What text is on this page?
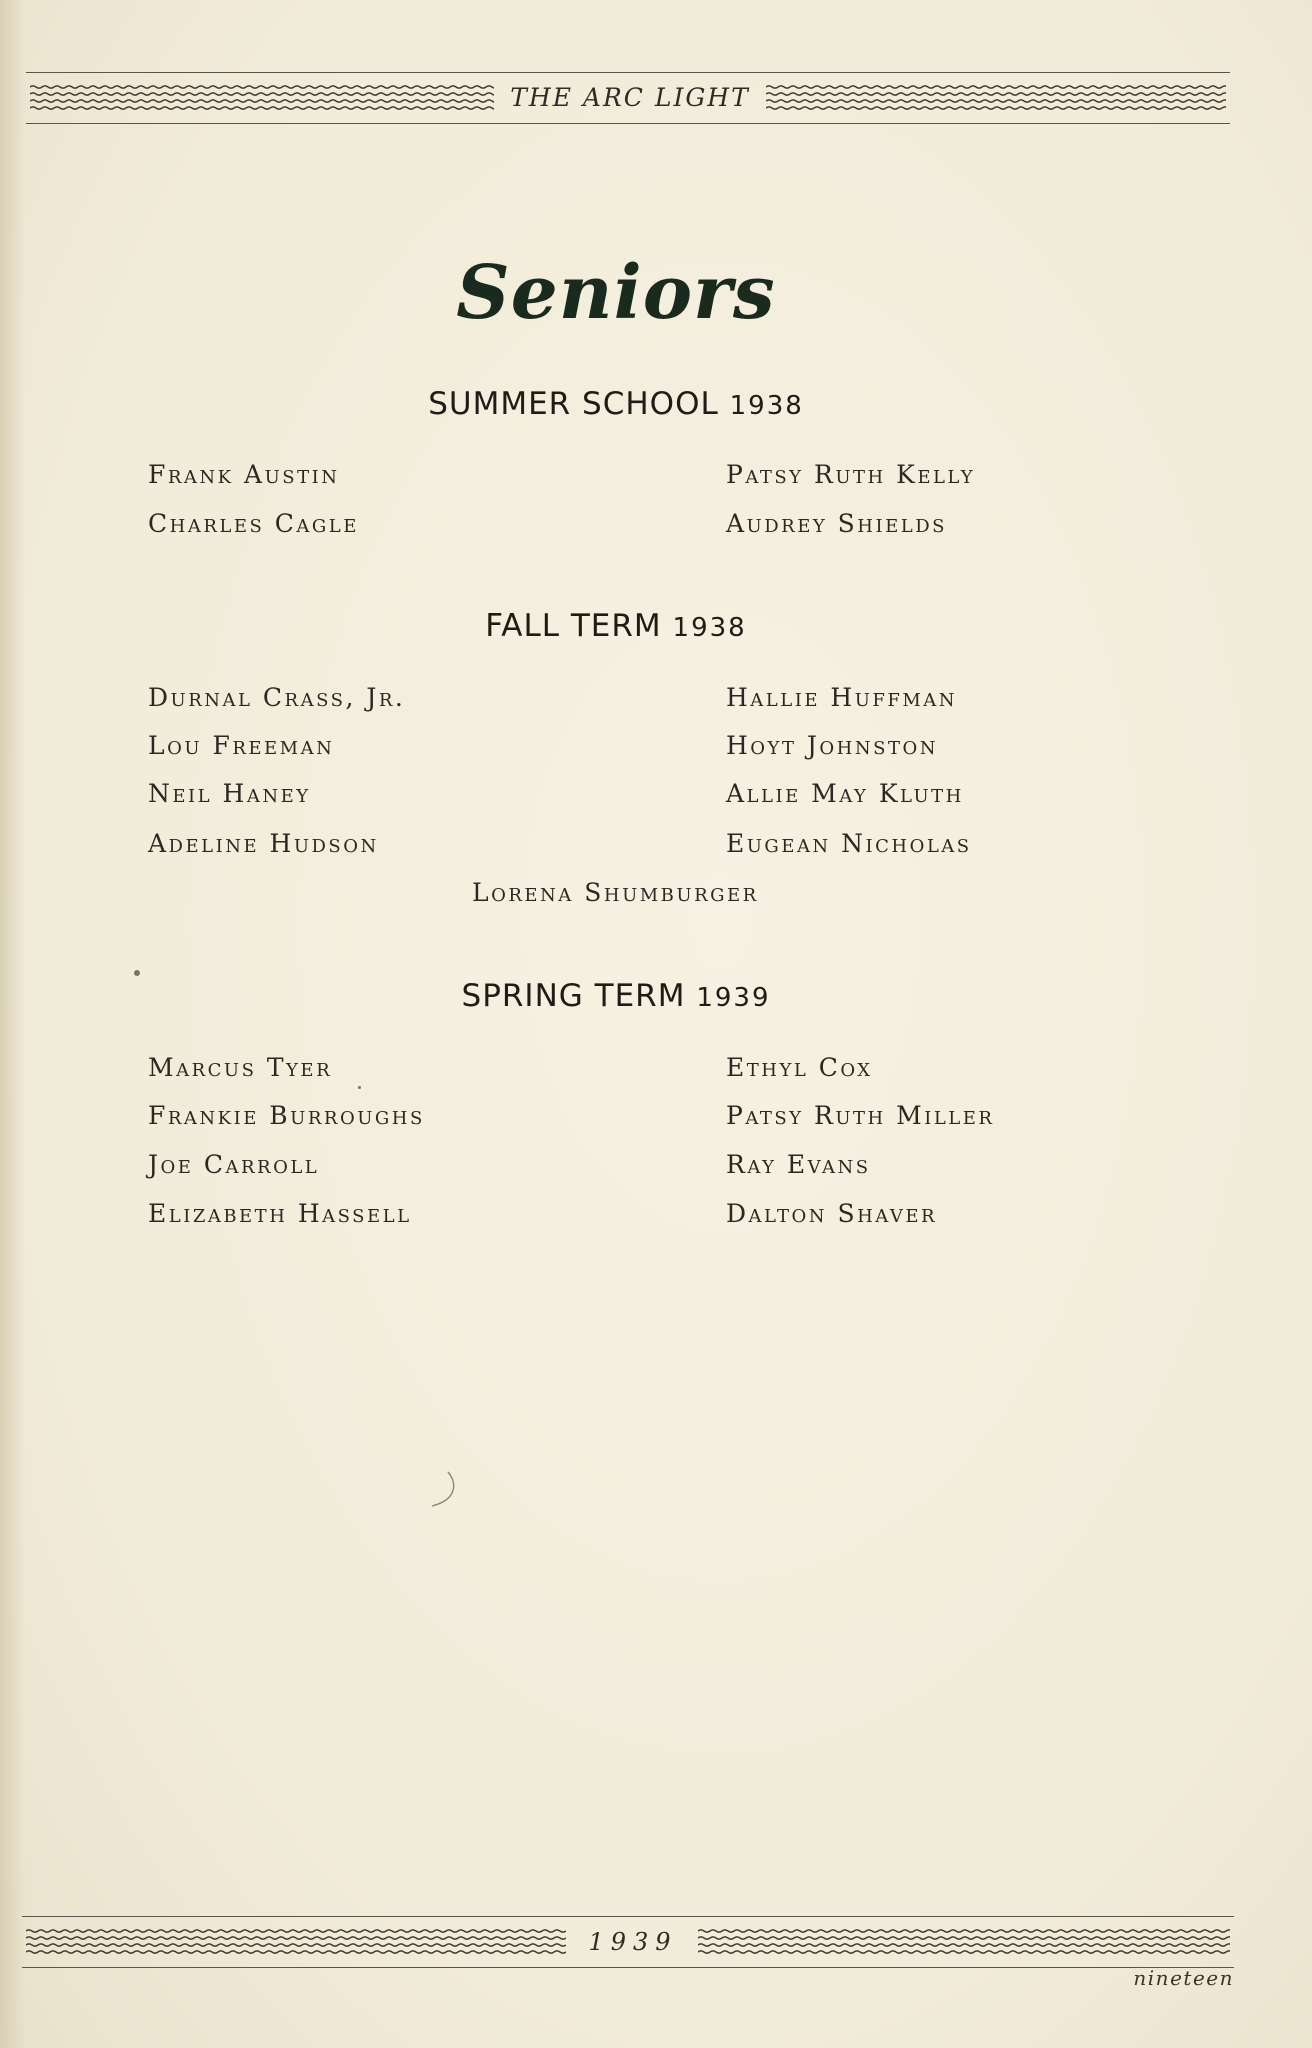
THE ARC LIGHT
Seniors
SUMMER SCHOOL 1938
Frank Austin
Charles Cagle
Patsy Ruth Kelly
Audrey Shields
FALL TERM 1938
Durnal Crass, Jr.
Lou Freeman
Neil Haney
Adeline Hudson
Hallie Huffman
Hoyt Johnston
Allie May Kluth
Eugean Nicholas
Lorena Shumburger
SPRING TERM 1939
Marcus Tyer
Frankie Burroughs
Joe Carroll
Elizabeth Hassell
Ethyl Cox
Patsy Ruth Miller
Ray Evans
Dalton Shaver
1939
nineteen
